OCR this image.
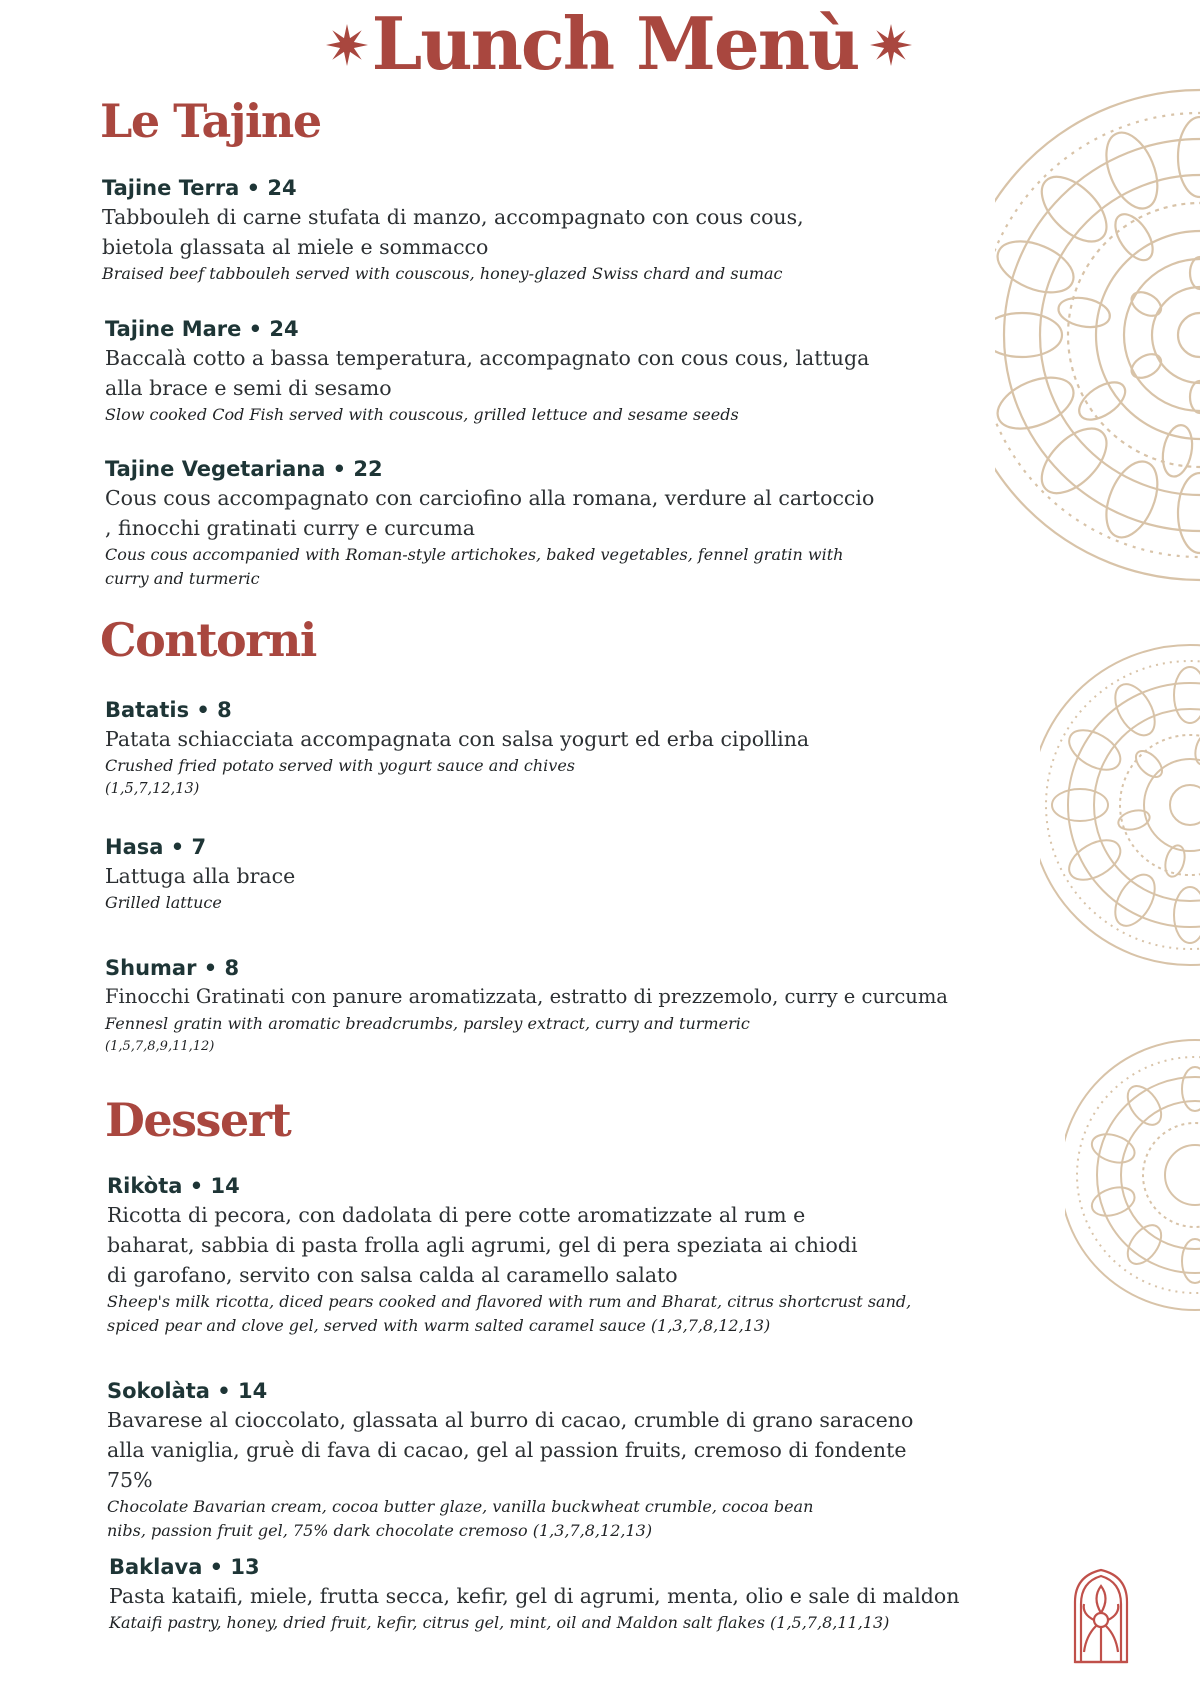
Lunch Menù
Le Tajine

Tajine Terra • 24

Tabbouleh di carne stufata di manzo, accompagnato con cous cous, bietola glassata al miele e sommacco

Braised beef tabbouleh served with couscous, honey-glazed Swiss chard and sumac

Tajine Mare • 24

Baccalà cotto a bassa temperatura, accompagnato con cous cous, lattuga alla brace e semi di sesamo

Slow cooked Cod Fish served with couscous, grilled lettuce and sesame seeds

Tajine Vegetariana • 22

Cous cous accompagnato con carciofino alla romana, verdure al cartoccio , finocchi gratinati curry e curcuma

Cous cous accompanied with Roman-style artichokes, baked vegetables, fennel gratin with curry and turmeric

Contorni

Batatis • 8

Patata schiacciata accompagnata con salsa yogurt ed erba cipollina

Crushed fried potato served with yogurt sauce and chives

(1,5,7,12,13)

Hasa • 7

Lattuga alla brace

Grilled lattuce

Shumar • 8

Finocchi Gratinati con panure aromatizzata, estratto di prezzemolo, curry e curcuma

Fennesl gratin with aromatic breadcrumbs, parsley extract, curry and turmeric

(1,5,7,8,9,11,12)

Dessert

Rikòta • 14

Ricotta di pecora, con dadolata di pere cotte aromatizzate al rum e baharat, sabbia di pasta frolla agli agrumi, gel di pera speziata ai chiodi di garofano, servito con salsa calda al caramello salato

Sheep's milk ricotta, diced pears cooked and flavored with rum and Bharat, citrus shortcrust sand, spiced pear and clove gel, served with warm salted caramel sauce (1,3,7,8,12,13)

Sokolàta • 14

Bavarese al cioccolato, glassata al burro di cacao, crumble di grano saraceno alla vaniglia, gruè di fava di cacao, gel al passion fruits, cremoso di fondente 75%

Chocolate Bavarian cream, cocoa butter glaze, vanilla buckwheat crumble, cocoa bean nibs, passion fruit gel, 75% dark chocolate cremoso (1,3,7,8,12,13)

Baklava • 13

Pasta kataifi, miele, frutta secca, kefir, gel di agrumi, menta, olio e sale di maldon

Kataifi pastry, honey, dried fruit, kefir, citrus gel, mint, oil and Maldon salt flakes (1,5,7,8,11,13)
